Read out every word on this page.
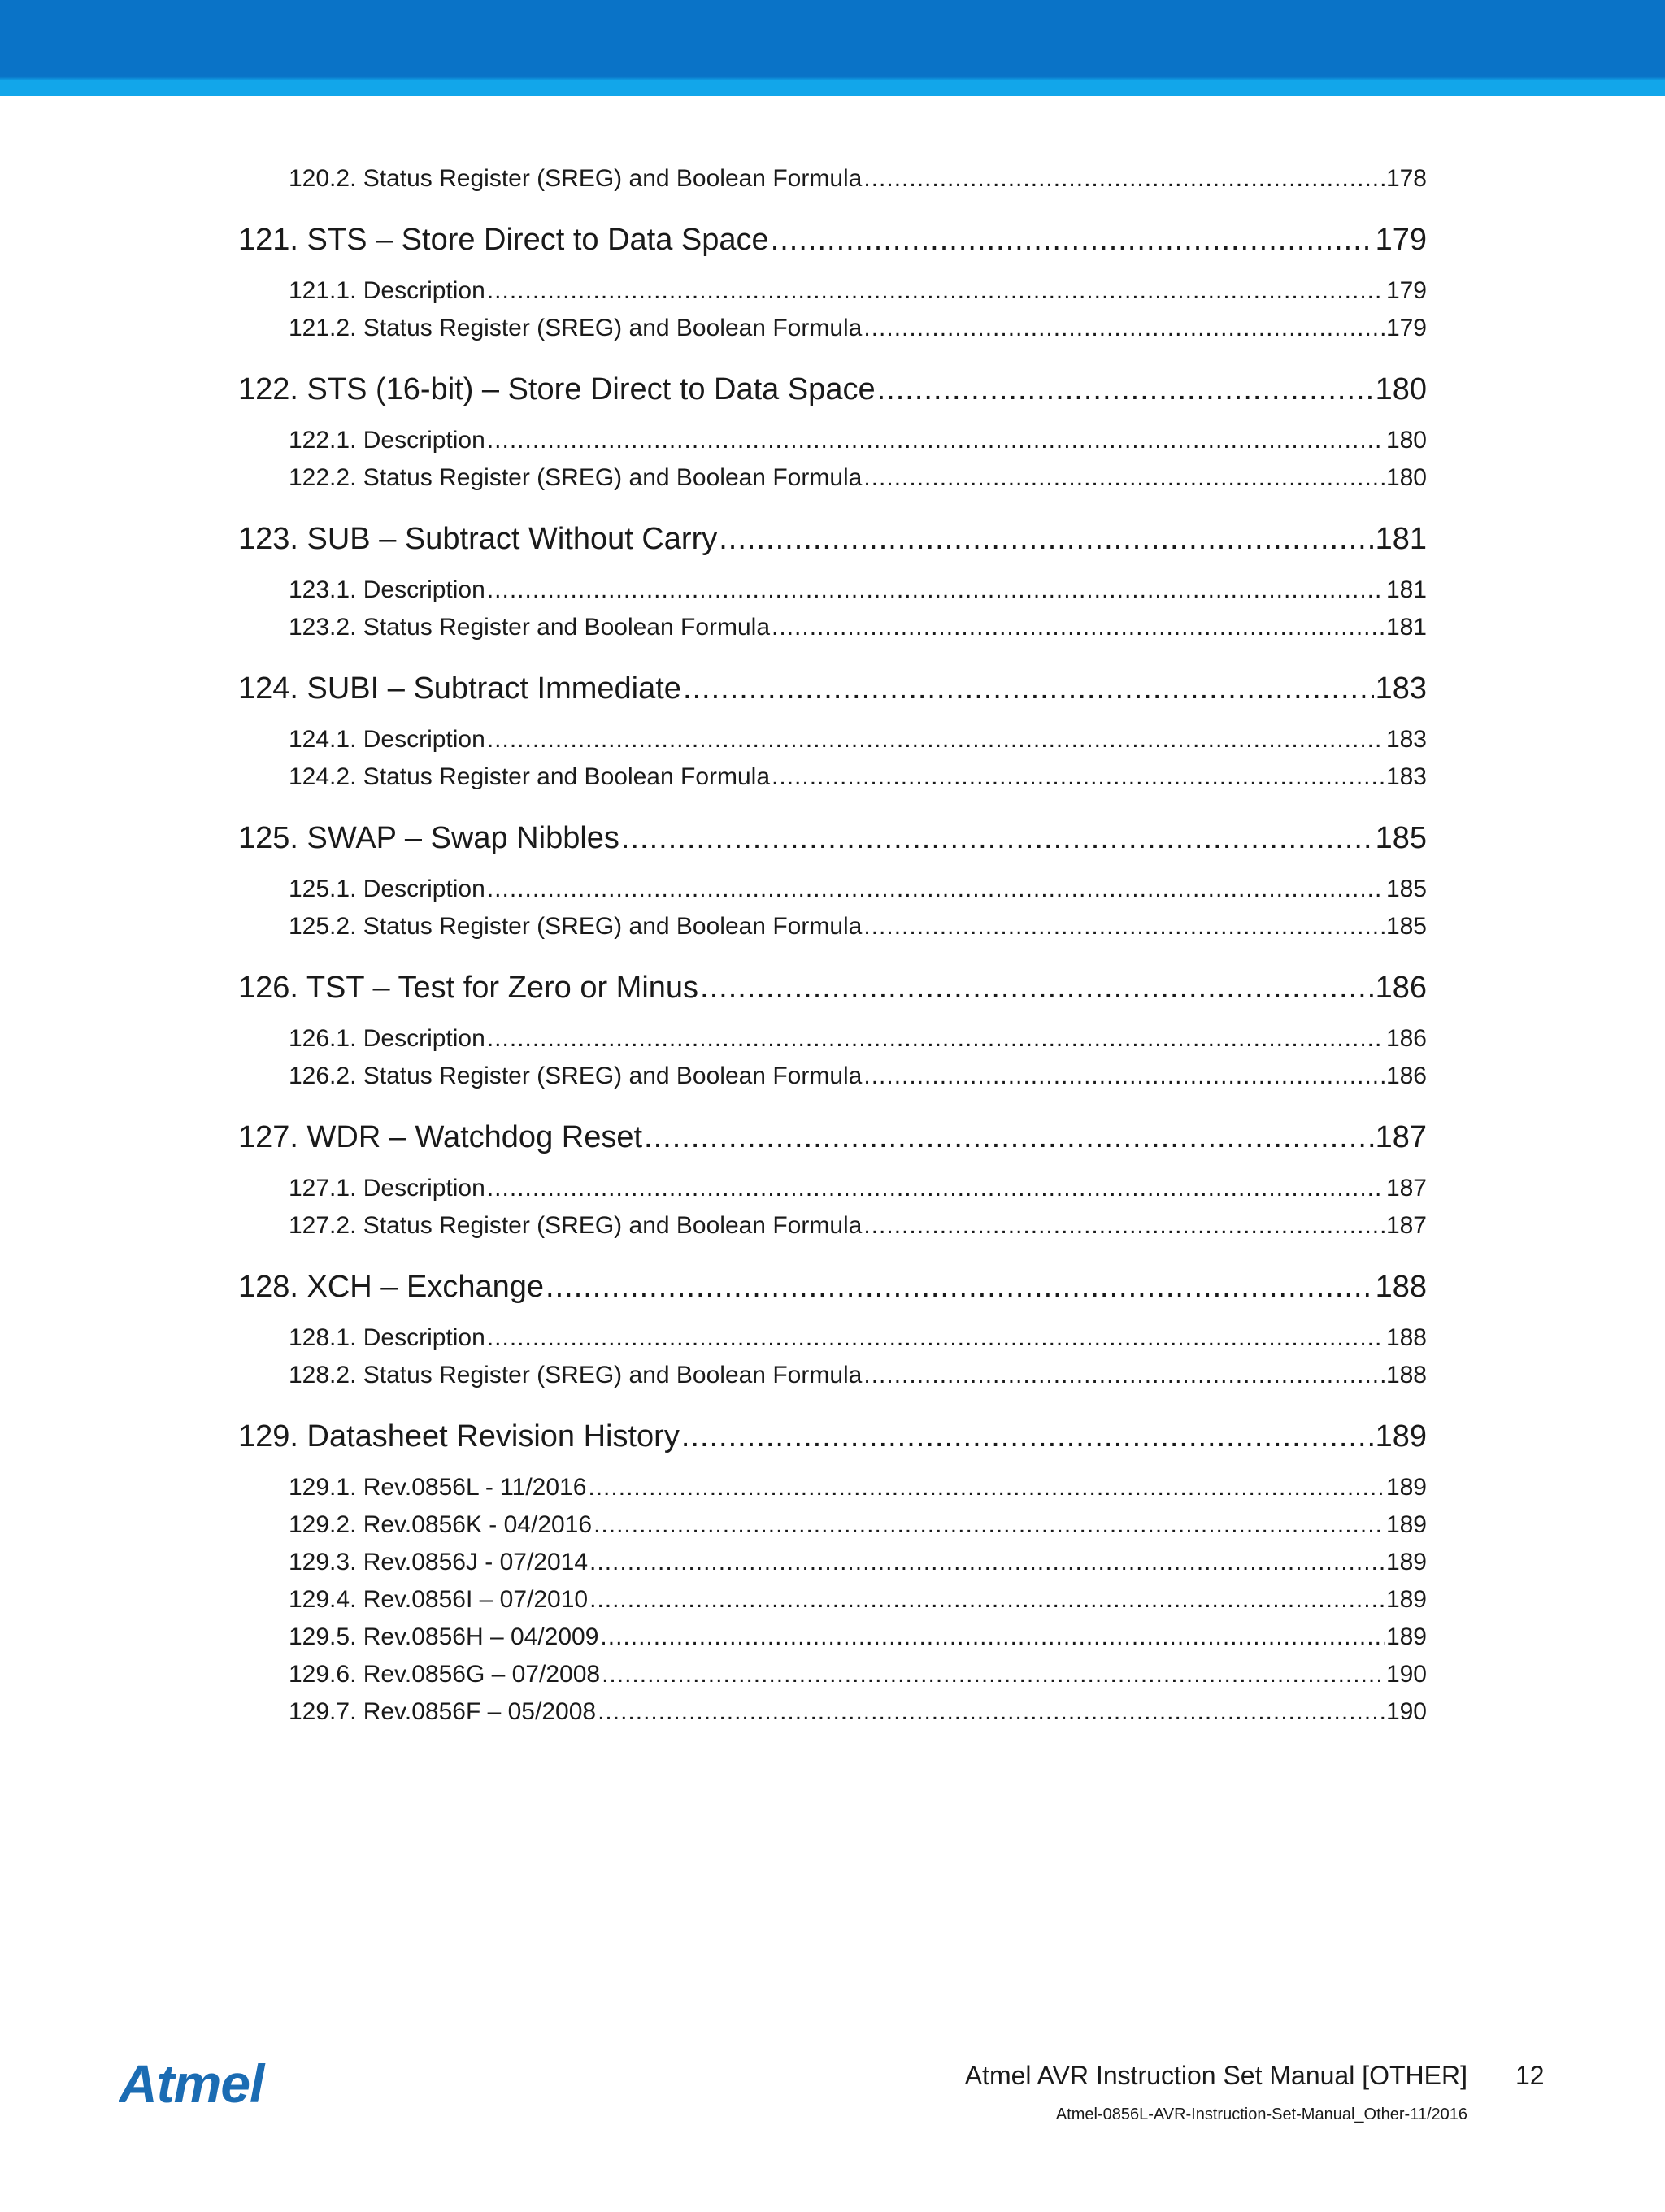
120.2. Status Register (SREG) and Boolean Formula .....	178
121. STS – Store Direct to Data Space .....	179
121.1. Description .....	179
121.2. Status Register (SREG) and Boolean Formula .....	179
122. STS (16-bit) – Store Direct to Data Space .....	180
122.1. Description .....	180
122.2. Status Register (SREG) and Boolean Formula .....	180
123. SUB – Subtract Without Carry .....	181
123.1. Description .....	181
123.2. Status Register and Boolean Formula .....	181
124. SUBI – Subtract Immediate .....	183
124.1. Description .....	183
124.2. Status Register and Boolean Formula .....	183
125. SWAP – Swap Nibbles .....	185
125.1. Description .....	185
125.2. Status Register (SREG) and Boolean Formula .....	185
126. TST – Test for Zero or Minus .....	186
126.1. Description .....	186
126.2. Status Register (SREG) and Boolean Formula .....	186
127. WDR – Watchdog Reset .....	187
127.1. Description .....	187
127.2. Status Register (SREG) and Boolean Formula .....	187
128. XCH – Exchange .....	188
128.1. Description .....	188
128.2. Status Register (SREG) and Boolean Formula .....	188
129. Datasheet Revision History .....	189
129.1. Rev.0856L - 11/2016 .....	189
129.2. Rev.0856K - 04/2016 .....	189
129.3. Rev.0856J - 07/2014 .....	189
129.4. Rev.0856I – 07/2010 .....	189
129.5. Rev.0856H – 04/2009 .....	189
129.6. Rev.0856G – 07/2008 .....	190
129.7. Rev.0856F – 05/2008 .....	190
Atmel	Atmel AVR Instruction Set Manual [OTHER] 12
Atmel-0856L-AVR-Instruction-Set-Manual_Other-11/2016
